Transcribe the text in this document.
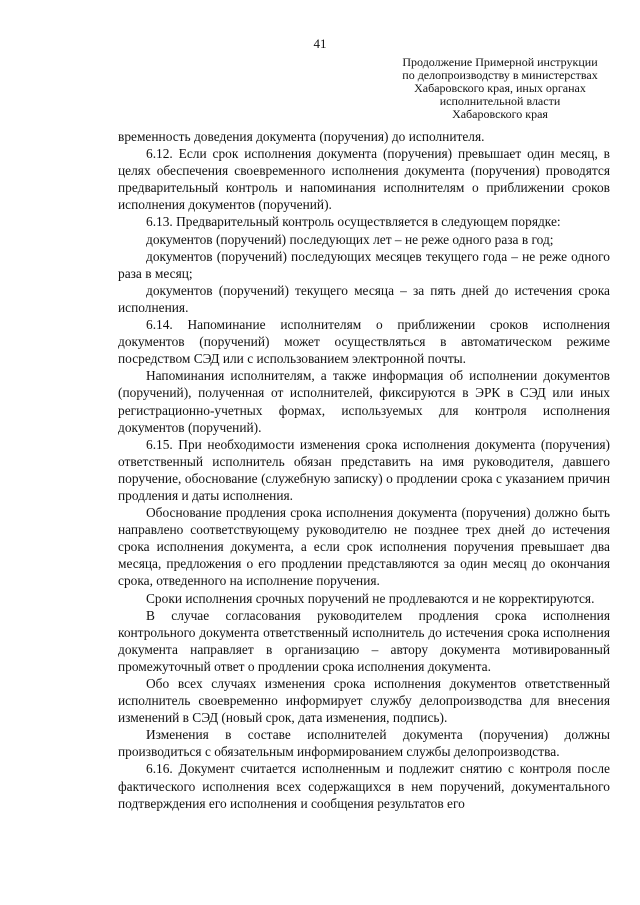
41
Продолжение Примерной инструкции
по делопроизводству в министерствах
Хабаровского края, иных органах
исполнительной власти
Хабаровского края

временность доведения документа (поручения) до исполнителя.

6.12. Если срок исполнения документа (поручения) превышает один месяц, в целях обеспечения своевременного исполнения документа (поручения) проводятся предварительный контроль и напоминания исполнителям о приближении сроков исполнения документов (поручений).

6.13. Предварительный контроль осуществляется в следующем порядке:

документов (поручений) последующих лет – не реже одного раза в год;

документов (поручений) последующих месяцев текущего года – не реже одного раза в месяц;

документов (поручений) текущего месяца – за пять дней до истечения срока исполнения.

6.14. Напоминание исполнителям о приближении сроков исполнения документов (поручений) может осуществляться в автоматическом режиме посредством СЭД или с использованием электронной почты.

Напоминания исполнителям, а также информация об исполнении документов (поручений), полученная от исполнителей, фиксируются в ЭРК в СЭД или иных регистрационно-учетных формах, используемых для контроля исполнения документов (поручений).

6.15. При необходимости изменения срока исполнения документа (поручения) ответственный исполнитель обязан представить на имя руководителя, давшего поручение, обоснование (служебную записку) о продлении срока с указанием причин продления и даты исполнения.

Обоснование продления срока исполнения документа (поручения) должно быть направлено соответствующему руководителю не позднее трех дней до истечения срока исполнения документа, а если срок исполнения поручения превышает два месяца, предложения о его продлении представляются за один месяц до окончания срока, отведенного на исполнение поручения.

Сроки исполнения срочных поручений не продлеваются и не корректируются.

В случае согласования руководителем продления срока исполнения контрольного документа ответственный исполнитель до истечения срока исполнения документа направляет в организацию – автору документа мотивированный промежуточный ответ о продлении срока исполнения документа.

Обо всех случаях изменения срока исполнения документов ответственный исполнитель своевременно информирует службу делопроизводства для внесения изменений в СЭД (новый срок, дата изменения, подпись).

Изменения в составе исполнителей документа (поручения) должны производиться с обязательным информированием службы делопроизводства.

6.16. Документ считается исполненным и подлежит снятию с контроля после фактического исполнения всех содержащихся в нем поручений, документального подтверждения его исполнения и сообщения результатов его
